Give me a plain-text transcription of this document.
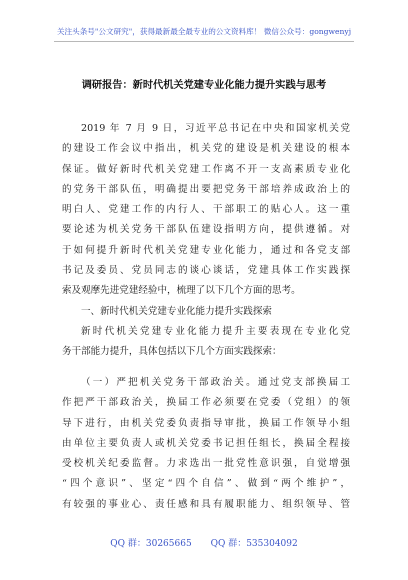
关注头条号"公文研究"，获得最新最全最专业的公文资料库！ 微信公众号：gongwenyj
调研报告：新时代机关党建专业化能力提升实践与思考
2019 年 7 月 9 日，习近平总书记在中央和国家机关党
的建设工作会议中指出，机关党的建设是机关建设的根本
保证。做好新时代机关党建工作离不开一支高素质专业化
的党务干部队伍，明确提出要把党务干部培养成政治上的
明白人、党建工作的内行人、干部职工的贴心人。这一重
要论述为机关党务干部队伍建设指明方向，提供遵循。对
于如何提升新时代机关党建专业化能力，通过和各党支部
书记及委员、党员同志的谈心谈话，党建具体工作实践探
索及观摩先进党建经验中，梳理了以下几个方面的思考。
一、新时代机关党建专业化能力提升实践探索
新时代机关党建专业化能力提升主要表现在专业化党
务干部能力提升，具体包括以下几个方面实践探索：
（一）严把机关党务干部政治关。通过党支部换届工
作把严干部政治关，换届工作必须要在党委（党组）的领
导下进行，由机关党委负责指导审批，换届工作领导小组
由单位主要负责人或机关党委书记担任组长，换届全程接
受校机关纪委监督。力求选出一批党性意识强，自觉增强
“四个意识”、坚定“四个自信”、做到“两个维护”，
有较强的事业心、责任感和具有履职能力、组织领导、管
QQ 群：30265665 QQ 群：535304092
